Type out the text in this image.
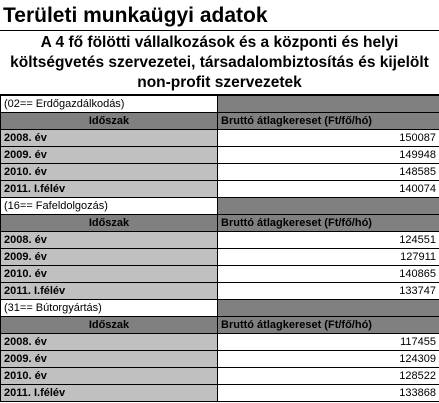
Területi munkaügyi adatok
A 4 fő fölötti vállalkozások és a központi és helyi
költségvetés szervezetei, társadalombiztosítás és kijelölt
non-profit szervezetek
(02== Erdőgazdálkodás)	
Időszak	Bruttó átlagkereset (Ft/fő/hó)
2008. év	150087
2009. év	149948
2010. év	148585
2011. I.félév	140074
(16== Fafeldolgozás)	
Időszak	Bruttó átlagkereset (Ft/fő/hó)
2008. év	124551
2009. év	127911
2010. év	140865
2011. I.félév	133747
(31== Bútorgyártás)	
Időszak	Bruttó átlagkereset (Ft/fő/hó)
2008. év	117455
2009. év	124309
2010. év	128522
2011. I.félév	133868
